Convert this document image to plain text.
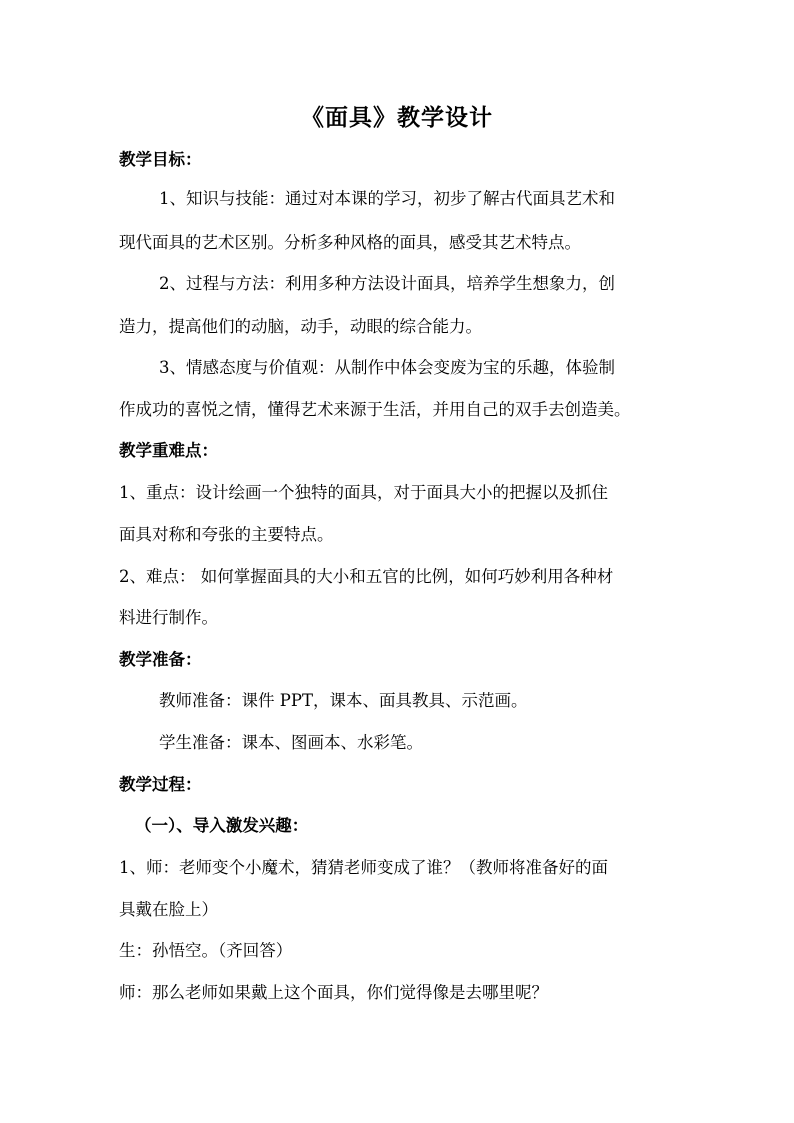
《面具》教学设计
教学目标：
1、知识与技能：通过对本课的学习，初步了解古代面具艺术和
现代面具的艺术区别。分析多种风格的面具，感受其艺术特点。
2、过程与方法：利用多种方法设计面具，培养学生想象力，创
造力，提高他们的动脑，动手，动眼的综合能力。
3、情感态度与价值观：从制作中体会变废为宝的乐趣，体验制
作成功的喜悦之情，懂得艺术来源于生活，并用自己的双手去创造美。
教学重难点：
1、重点：设计绘画一个独特的面具，对于面具大小的把握以及抓住
面具对称和夸张的主要特点。
2、难点： 如何掌握面具的大小和五官的比例，如何巧妙利用各种材
料进行制作。
教学准备：
教师准备：课件 PPT，课本、面具教具、示范画。
学生准备：课本、图画本、水彩笔。
教学过程：
（一）、导入激发兴趣：
1、师：老师变个小魔术，猜猜老师变成了谁？（教师将准备好的面
具戴在脸上）
生：孙悟空。（齐回答）
师：那么老师如果戴上这个面具，你们觉得像是去哪里呢？
